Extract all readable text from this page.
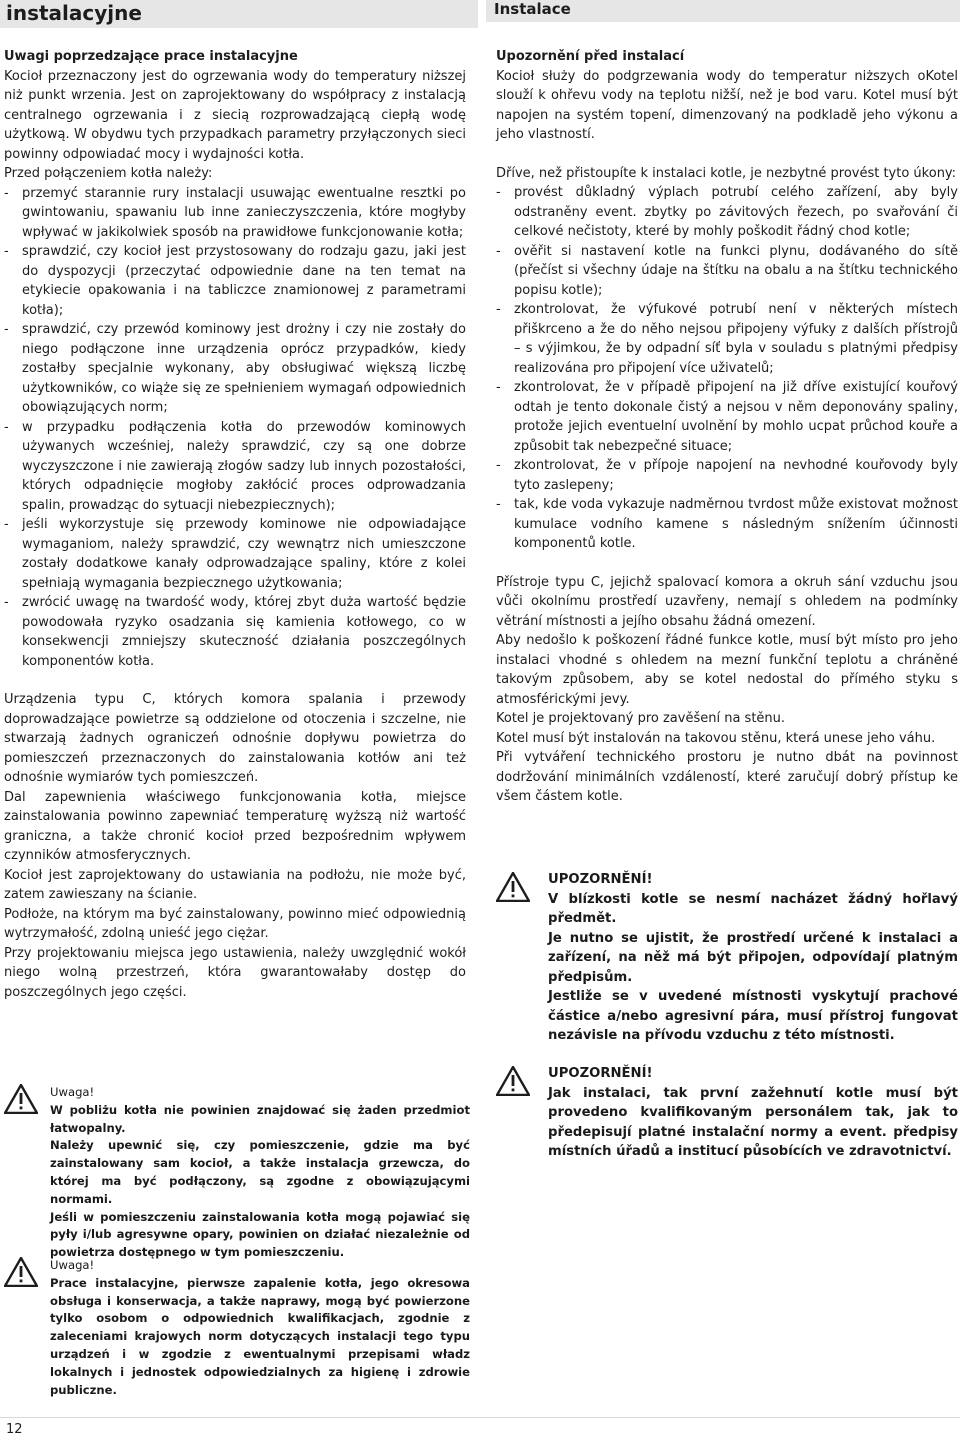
instalacyjne	Instalace
Uwagi poprzedzające prace instalacyjne

Kocioł przeznaczony jest do ogrzewania wody do temperatury niższej niż punkt wrzenia. Jest on zaprojektowany do współpracy z instalacją centralnego ogrzewania i z siecią rozprowadzającą ciepłą wodę użytkową. W obydwu tych przypadkach parametry przyłączonych sieci powinny odpowiadać mocy i wydajności kotła.

Przed połączeniem kotła należy:

- przemyć starannie rury instalacji usuwając ewentualne resztki po gwintowaniu, spawaniu lub inne zanieczyszczenia, które mogłyby wpływać w jakikolwiek sposób na prawidłowe funkcjonowanie kotła;
- sprawdzić, czy kocioł jest przystosowany do rodzaju gazu, jaki jest do dyspozycji (przeczytać odpowiednie dane na ten temat na etykiecie opakowania i na tabliczce znamionowej z parametrami kotła);
- sprawdzić, czy przewód kominowy jest drożny i czy nie zostały do niego podłączone inne urządzenia oprócz przypadków, kiedy zostałby specjalnie wykonany, aby obsługiwać większą liczbę użytkowników, co wiąże się ze spełnieniem wymagań odpowiednich obowiązujących norm;
- w przypadku podłączenia kotła do przewodów kominowych używanych wcześniej, należy sprawdzić, czy są one dobrze wyczyszczone i nie zawierają złogów sadzy lub innych pozostałości, których odpadnięcie mogłoby zakłócić proces odprowadzania spalin, prowadząc do sytuacji niebezpiecznych);
- jeśli wykorzystuje się przewody kominowe nie odpowiadające wymaganiom, należy sprawdzić, czy wewnątrz nich umieszczone zostały dodatkowe kanały odprowadzające spaliny, które z kolei spełniają wymagania bezpiecznego użytkowania;
- zwrócić uwagę na twardość wody, której zbyt duża wartość będzie powodowała ryzyko osadzania się kamienia kotłowego, co w konsekwencji zmniejszy skuteczność działania poszczególnych komponentów kotła.

Urządzenia typu C, których komora spalania i przewody doprowadzające powietrze są oddzielone od otoczenia i szczelne, nie stwarzają żadnych ograniczeń odnośnie dopływu powietrza do pomieszczeń przeznaczonych do zainstalowania kotłów ani też odnośnie wymiarów tych pomieszczeń.

Dal zapewnienia właściwego funkcjonowania kotła, miejsce zainstalowania powinno zapewniać temperaturę wyższą niż wartość graniczna, a także chronić kocioł przed bezpośrednim wpływem czynników atmosferycznych.

Kocioł jest zaprojektowany do ustawiania na podłożu, nie może być, zatem zawieszany na ścianie.

Podłoże, na którym ma być zainstalowany, powinno mieć odpowiednią wytrzymałość, zdolną unieść jego ciężar.

Przy projektowaniu miejsca jego ustawienia, należy uwzględnić wokół niego wolną przestrzeń, która gwarantowałaby dostęp do poszczególnych jego części.

Uwaga!

W pobliżu kotła nie powinien znajdować się żaden przedmiot łatwopalny.

Należy upewnić się, czy pomieszczenie, gdzie ma być zainstalowany sam kocioł, a także instalacja grzewcza, do której ma być podłączony, są zgodne z obowiązującymi normami.

Jeśli w pomieszczeniu zainstalowania kotła mogą pojawiać się pyły i/lub agresywne opary, powinien on działać niezależnie od powietrza dostępnego w tym pomieszczeniu.

Uwaga!

Prace instalacyjne, pierwsze zapalenie kotła, jego okresowa obsługa i konserwacja, a także naprawy, mogą być powierzone tylko osobom o odpowiednich kwalifikacjach, zgodnie z zaleceniami krajowych norm dotyczących instalacji tego typu urządzeń i w zgodzie z ewentualnymi przepisami władz lokalnych i jednostek odpowiedzialnych za higienę i zdrowie publiczne.

Upozornění před instalací

Kocioł służy do podgrzewania wody do temperatur niższych oKotel slouží k ohřevu vody na teplotu nižší, než je bod varu. Kotel musí být napojen na systém topení, dimenzovaný na podkladě jeho výkonu a jeho vlastností.

Dříve, než přistoupíte k instalaci kotle, je nezbytné provést tyto úkony:

- provést důkladný výplach potrubí celého zařízení, aby byly odstraněny event. zbytky po závitových řezech, po svařování či celkové nečistoty, které by mohly poškodit řádný chod kotle;
- ověřit si nastavení kotle na funkci plynu, dodávaného do sítě (přečíst si všechny údaje na štítku na obalu a na štítku technického popisu kotle);
- zkontrolovat, že výfukové potrubí není v některých místech přiškrceno a že do něho nejsou připojeny výfuky z dalších přístrojů – s výjimkou, že by odpadní síť byla v souladu s platnými předpisy realizována pro připojení více uživatelů;
- zkontrolovat, že v případě připojení na již dříve existující kouřový odtah je tento dokonale čistý a nejsou v něm deponovány spaliny, protože jejich eventuelní uvolnění by mohlo ucpat průchod kouře a způsobit tak nebezpečné situace;
- zkontrolovat, že v přípoje napojení na nevhodné kouřovody byly tyto zaslepeny;
- tak, kde voda vykazuje nadměrnou tvrdost může existovat možnost kumulace vodního kamene s následným snížením účinnosti komponentů kotle.

Přístroje typu C, jejichž spalovací komora a okruh sání vzduchu jsou vůči okolnímu prostředí uzavřeny, nemají s ohledem na podmínky větrání místnosti a jejího obsahu žádná omezení.

Aby nedošlo k poškození řádné funkce kotle, musí být místo pro jeho instalaci vhodné s ohledem na mezní funkční teplotu a chráněné takovým způsobem, aby se kotel nedostal do přímého styku s atmosférickými jevy.

Kotel je projektovaný pro zavěšení na stěnu.

Kotel musí být instalován na takovou stěnu, která unese jeho váhu.

Při vytváření technického prostoru je nutno dbát na povinnost dodržování minimálních vzdáleností, které zaručují dobrý přístup ke všem částem kotle.

UPOZORNĚNÍ!

V blízkosti kotle se nesmí nacházet žádný hořlavý předmět.

Je nutno se ujistit, že prostředí určené k instalaci a zařízení, na něž má být připojen, odpovídají platným předpisům.

Jestliže se v uvedené místnosti vyskytují prachové částice a/nebo agresivní pára, musí přístroj fungovat nezávisle na přívodu vzduchu z této místnosti.

UPOZORNĚNÍ!

Jak instalaci, tak první zažehnutí kotle musí být provedeno kvalifikovaným personálem tak, jak to předepisují platné instalační normy a event. předpisy místních úřadů a institucí působících ve zdravotnictví.

12
